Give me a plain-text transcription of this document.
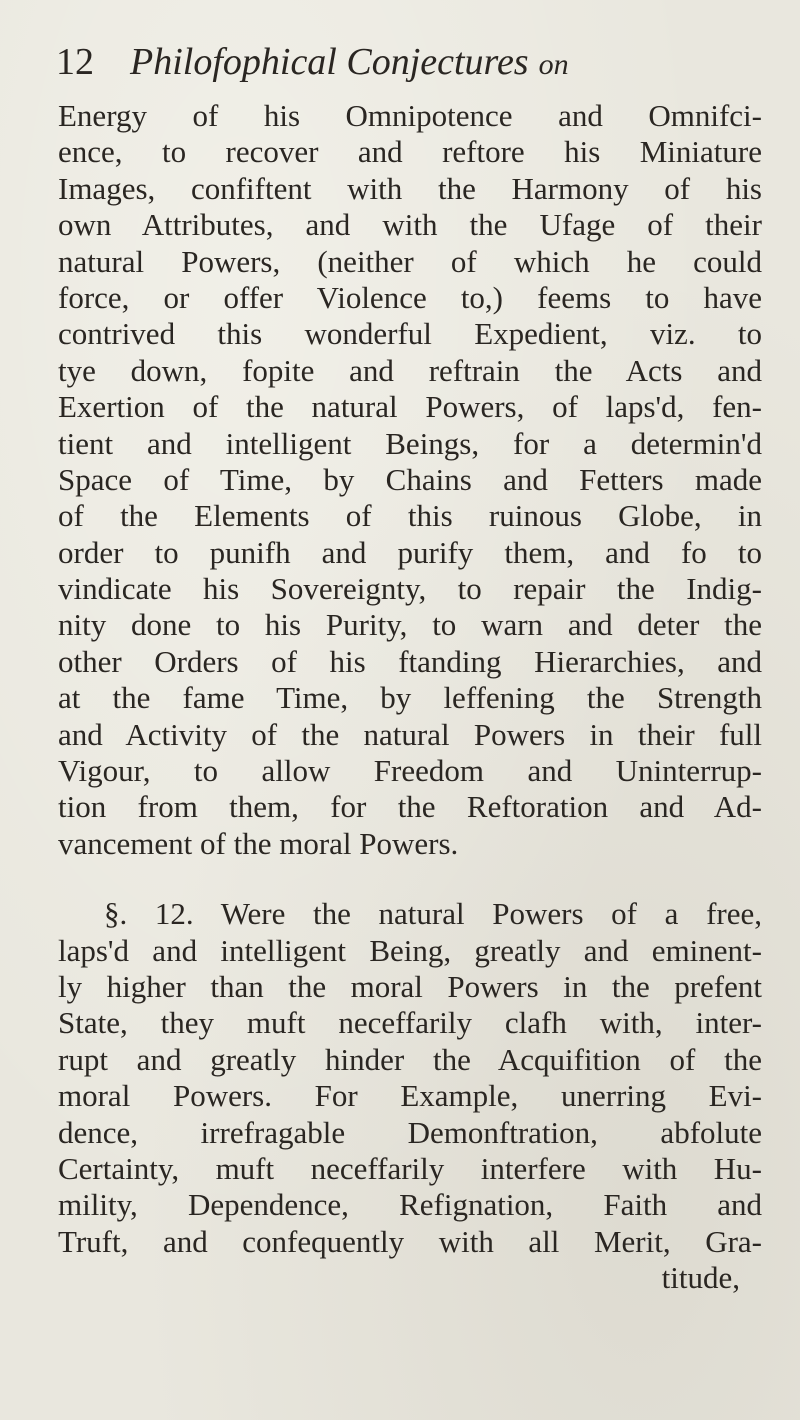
12 Philofophical Conjectures on
Energy of his Omnipotence and Omnifci-
ence, to recover and reftore his Miniature
Images, confiftent with the Harmony of his
own Attributes, and with the Ufage of their
natural Powers, (neither of which he could
force, or offer Violence to,) feems to have
contrived this wonderful Expedient, viz. to
tye down, fopite and reftrain the Acts and
Exertion of the natural Powers, of laps'd, fen-
tient and intelligent Beings, for a determin'd
Space of Time, by Chains and Fetters made
of the Elements of this ruinous Globe, in
order to punifh and purify them, and fo to
vindicate his Sovereignty, to repair the Indig-
nity done to his Purity, to warn and deter the
other Orders of his ftanding Hierarchies, and
at the fame Time, by leffening the Strength
and Activity of the natural Powers in their full
Vigour, to allow Freedom and Uninterrup-
tion from them, for the Reftoration and Ad-
vancement of the moral Powers.
§. 12. Were the natural Powers of a free,
laps'd and intelligent Being, greatly and eminent-
ly higher than the moral Powers in the prefent
State, they muft neceffarily clafh with, inter-
rupt and greatly hinder the Acquifition of the
moral Powers. For Example, unerring Evi-
dence, irrefragable Demonftration, abfolute
Certainty, muft neceffarily interfere with Hu-
mility, Dependence, Refignation, Faith and
Truft, and confequently with all Merit, Gra-
titude,
